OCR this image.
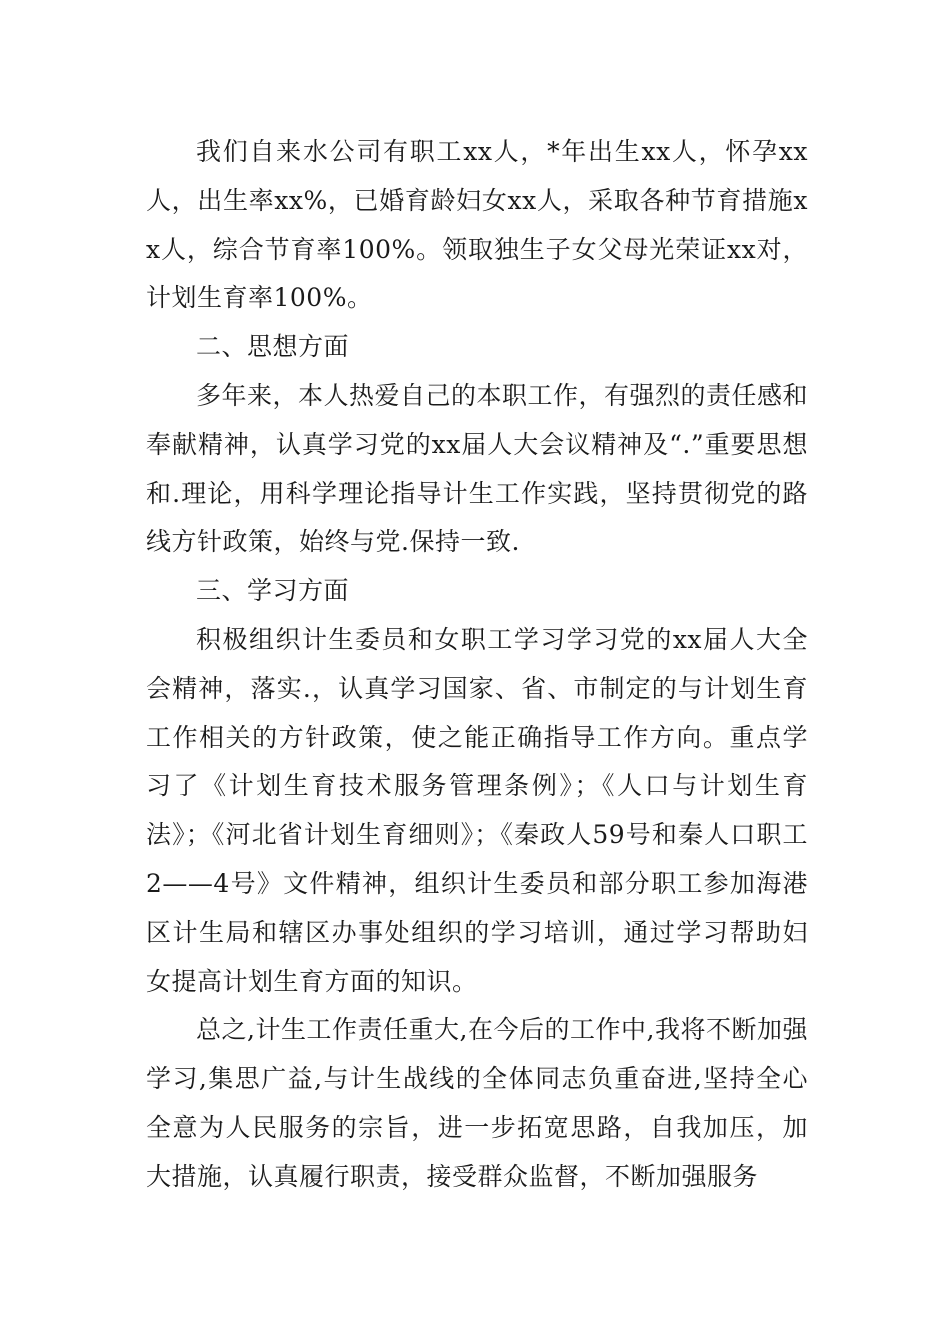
我们自来水公司有职工xx人，*年出生xx人，怀孕xx人，出生率xx%，已婚育龄妇女xx人，采取各种节育措施xx人，综合节育率100%。领取独生子女父母光荣证xx对，计划生育率100%。

二、思想方面

多年来，本人热爱自己的本职工作，有强烈的责任感和奉献精神，认真学习党的xx届人大会议精神及“.”重要思想和.理论，用科学理论指导计生工作实践，坚持贯彻党的路线方针政策，始终与党.保持一致.

三、学习方面

积极组织计生委员和女职工学习学习党的xx届人大全会精神，落实.，认真学习国家、省、市制定的与计划生育工作相关的方针政策，使之能正确指导工作方向。重点学习了《计划生育技术服务管理条例》；《人口与计划生育法》；《河北省计划生育细则》；《秦政人59号和秦人口职工2——4号》文件精神，组织计生委员和部分职工参加海港区计生局和辖区办事处组织的学习培训，通过学习帮助妇女提高计划生育方面的知识。

总之,计生工作责任重大,在今后的工作中,我将不断加强学习,集思广益,与计生战线的全体同志负重奋进,坚持全心全意为人民服务的宗旨，进一步拓宽思路，自我加压，加大措施，认真履行职责，接受群众监督，不断加强服务
